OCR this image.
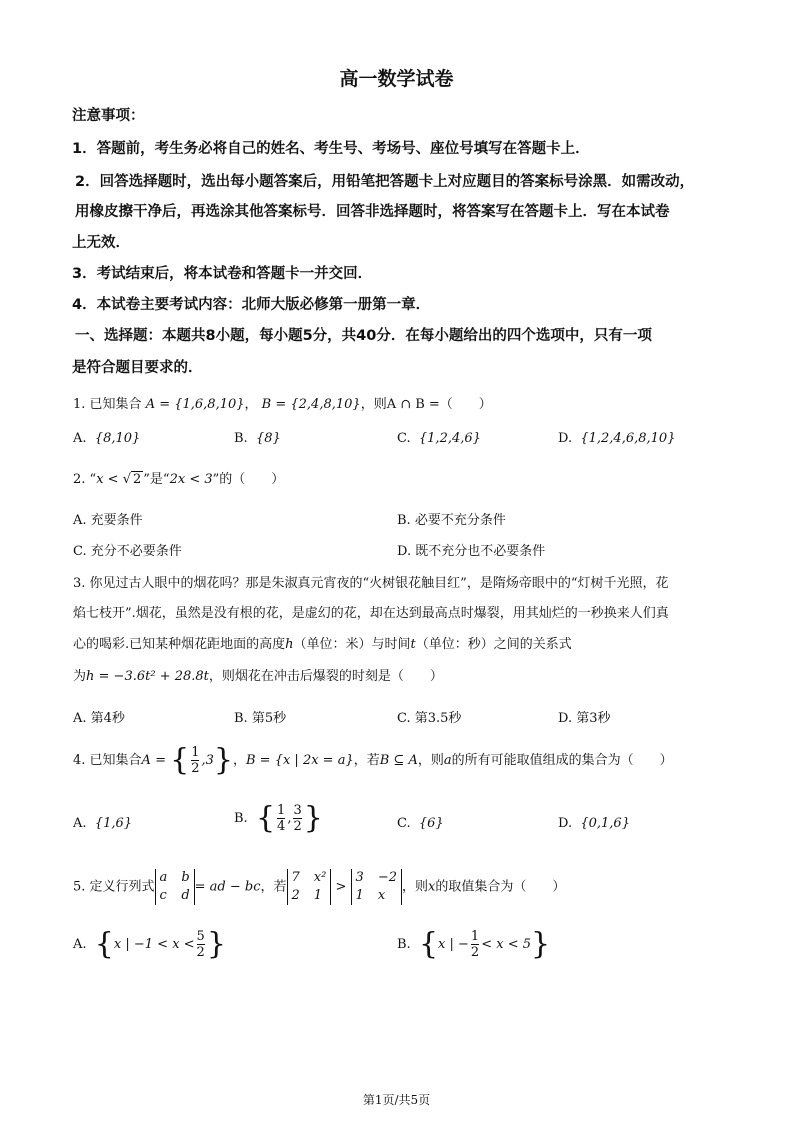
高一数学试卷
注意事项：
1．答题前，考生务必将自己的姓名、考生号、考场号、座位号填写在答题卡上．
2．回答选择题时，选出每小题答案后，用铅笔把答题卡上对应题目的答案标号涂黑．如需改动，
用橡皮擦干净后，再选涂其他答案标号．回答非选择题时，将答案写在答题卡上．写在本试卷
上无效．
3．考试结束后，将本试卷和答题卡一并交回．
4．本试卷主要考试内容：北师大版必修第一册第一章．
一、选择题：本题共8小题，每小题5分，共40分．在每小题给出的四个选项中，只有一项
是符合题目要求的．
1. 已知集合 A = {1,6,8,10}， B = {2,4,8,10}，则A ∩ B =（　　）
A.  {8,10}	B.  {8}	C.  {1,2,4,6}	D.  {1,2,4,6,8,10}
2. “x < √ 2 ”是“2x < 3”的（　　）
A. 充要条件	B. 必要不充分条件
C. 充分不必要条件	D. 既不充分也不必要条件
3. 你见过古人眼中的烟花吗？那是朱淑真元宵夜的“火树银花触目红”，是隋炀帝眼中的“灯树千光照，花
焰七枝开”.烟花，虽然是没有根的花，是虚幻的花，却在达到最高点时爆裂，用其灿烂的一秒换来人们真
心的喝彩.已知某种烟花距地面的高度h（单位：米）与时间t（单位：秒）之间的关系式
为h = −3.6t² + 28.8t，则烟花在冲击后爆裂的时刻是（　　）
A. 第4秒	B. 第5秒	C. 第3.5秒	D. 第3秒
4. 已知集合A = { $\frac{1}{2} ,3$}，B = {x | 2x = a}，若B ⊆ A，则a的所有可能取值组成的集合为（　　）
A. {1,6}	B. { $\frac{1}{4}$ , $\frac{3}{2}$ }	C. {6}	D. {0,1,6}
5. 定义行列式
a b
c d
= ad − bc，若
7 x²
2 1
>
3 −2
1 x
，则x的取值集合为（　　）
A. {x | $-1 < x < \frac{5}{2}$ }	B. {x | − $\frac{1}{2} < x < 5$}
第1页/共5页
